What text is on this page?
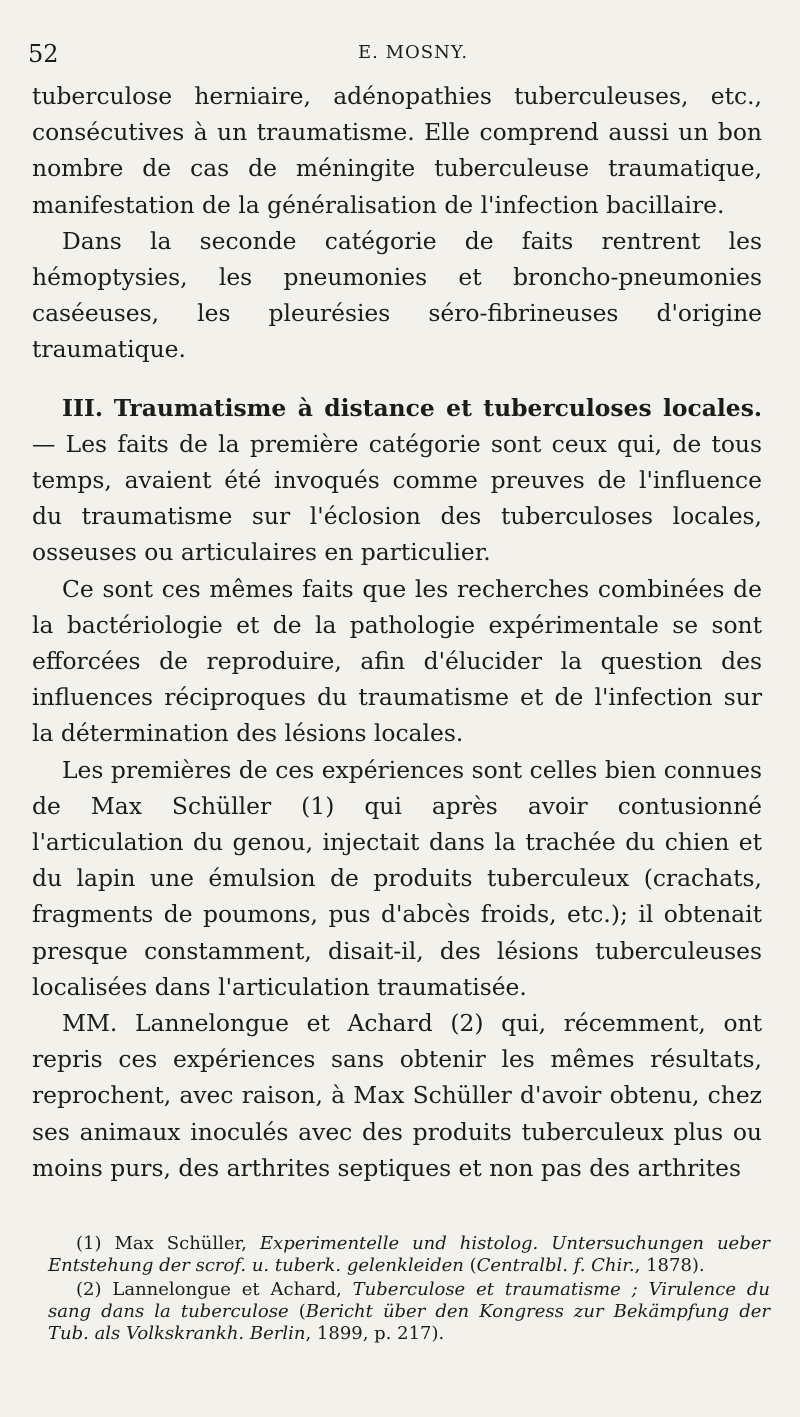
52	E. MOSNY.

tuberculose herniaire, adénopathies tuberculeuses, etc., consécutives à un traumatisme. Elle comprend aussi un bon nombre de cas de méningite tuberculeuse traumatique, manifestation de la généralisation de l'infection bacillaire.

Dans la seconde catégorie de faits rentrent les hémoptysies, les pneumonies et broncho-pneumonies caséeuses, les pleurésies séro-fibrineuses d'origine traumatique.

III. Traumatisme à distance et tuberculoses locales. — Les faits de la première catégorie sont ceux qui, de tous temps, avaient été invoqués comme preuves de l'influence du traumatisme sur l'éclosion des tuberculoses locales, osseuses ou articulaires en particulier.

Ce sont ces mêmes faits que les recherches combinées de la bactériologie et de la pathologie expérimentale se sont efforcées de reproduire, afin d'élucider la question des influences réciproques du traumatisme et de l'infection sur la détermination des lésions locales.

Les premières de ces expériences sont celles bien connues de Max Schüller (1) qui après avoir contusionné l'articulation du genou, injectait dans la trachée du chien et du lapin une émulsion de produits tuberculeux (crachats, fragments de poumons, pus d'abcès froids, etc.); il obtenait presque constamment, disait-il, des lésions tuberculeuses localisées dans l'articulation traumatisée.

MM. Lannelongue et Achard (2) qui, récemment, ont repris ces expériences sans obtenir les mêmes résultats, reprochent, avec raison, à Max Schüller d'avoir obtenu, chez ses animaux inoculés avec des produits tuberculeux plus ou moins purs, des arthrites septiques et non pas des arthrites

(1) Max Schüller, Experimentelle und histolog. Untersuchungen ueber Entstehung der scrof. u. tuberk. gelenkleiden (Centralbl. f. Chir., 1878).

(2) Lannelongue et Achard, Tuberculose et traumatisme ; Virulence du sang dans la tuberculose (Bericht über den Kongress zur Bekämpfung der Tub. als Volkskrankh. Berlin, 1899, p. 217).
